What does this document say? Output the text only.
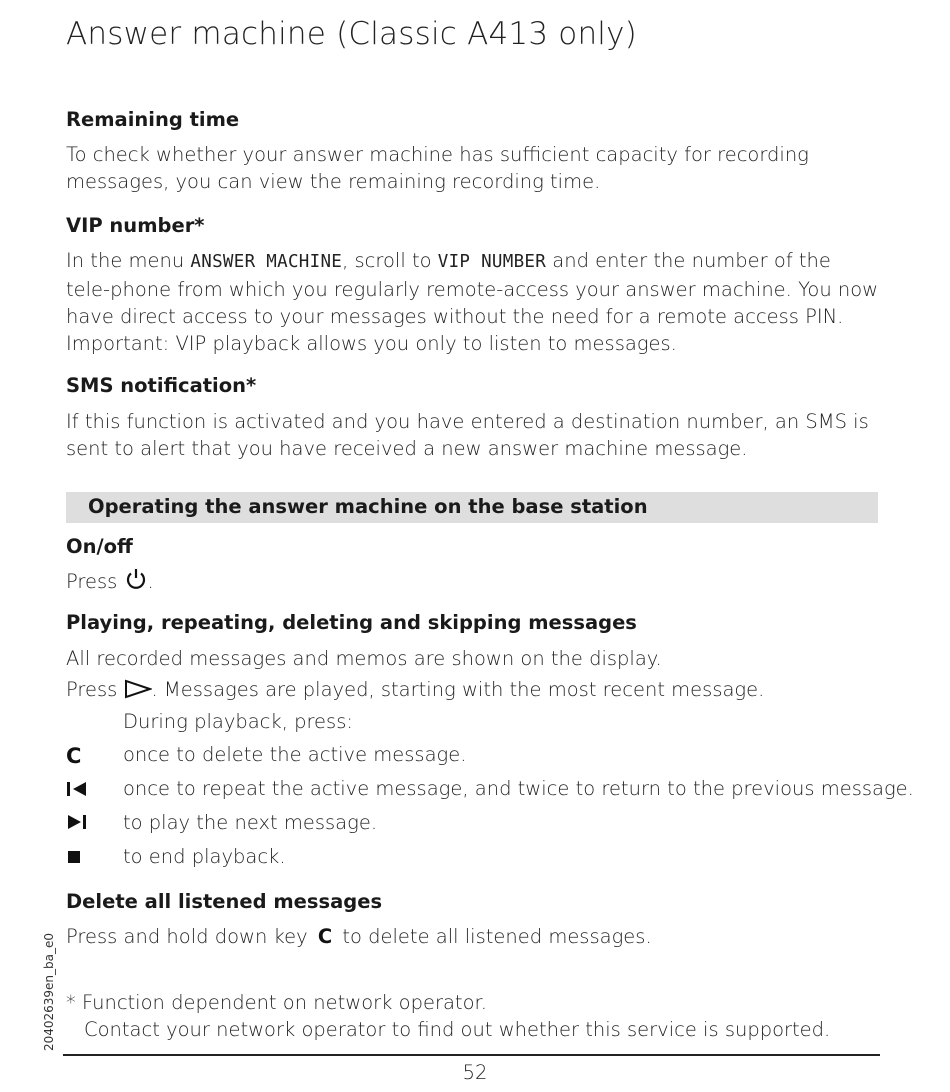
Answer machine (Classic A413 only)
Remaining time
To check whether your answer machine has sufficient capacity for recording messages, you can view the remaining recording time.
VIP number*
In the menu ANSWER MACHINE, scroll to VIP NUMBER and enter the number of the tele-phone from which you regularly remote-access your answer machine. You now have direct access to your messages without the need for a remote access PIN. Important: VIP playback allows you only to listen to messages.
SMS notification*
If this function is activated and you have entered a destination number, an SMS is sent to alert that you have received a new answer machine message.
Operating the answer machine on the base station
On/off
Press .
Playing, repeating, deleting and skipping messages
All recorded messages and memos are shown on the display.
Press . Messages are played, starting with the most recent message.
During playback, press:
C once to delete the active message.
once to repeat the active message, and twice to return to the previous message.
to play the next message.
to end playback.
Delete all listened messages
Press and hold down key C to delete all listened messages.
* Function dependent on network operator.
Contact your network operator to find out whether this service is supported.
20402639en_ba_e0
52
